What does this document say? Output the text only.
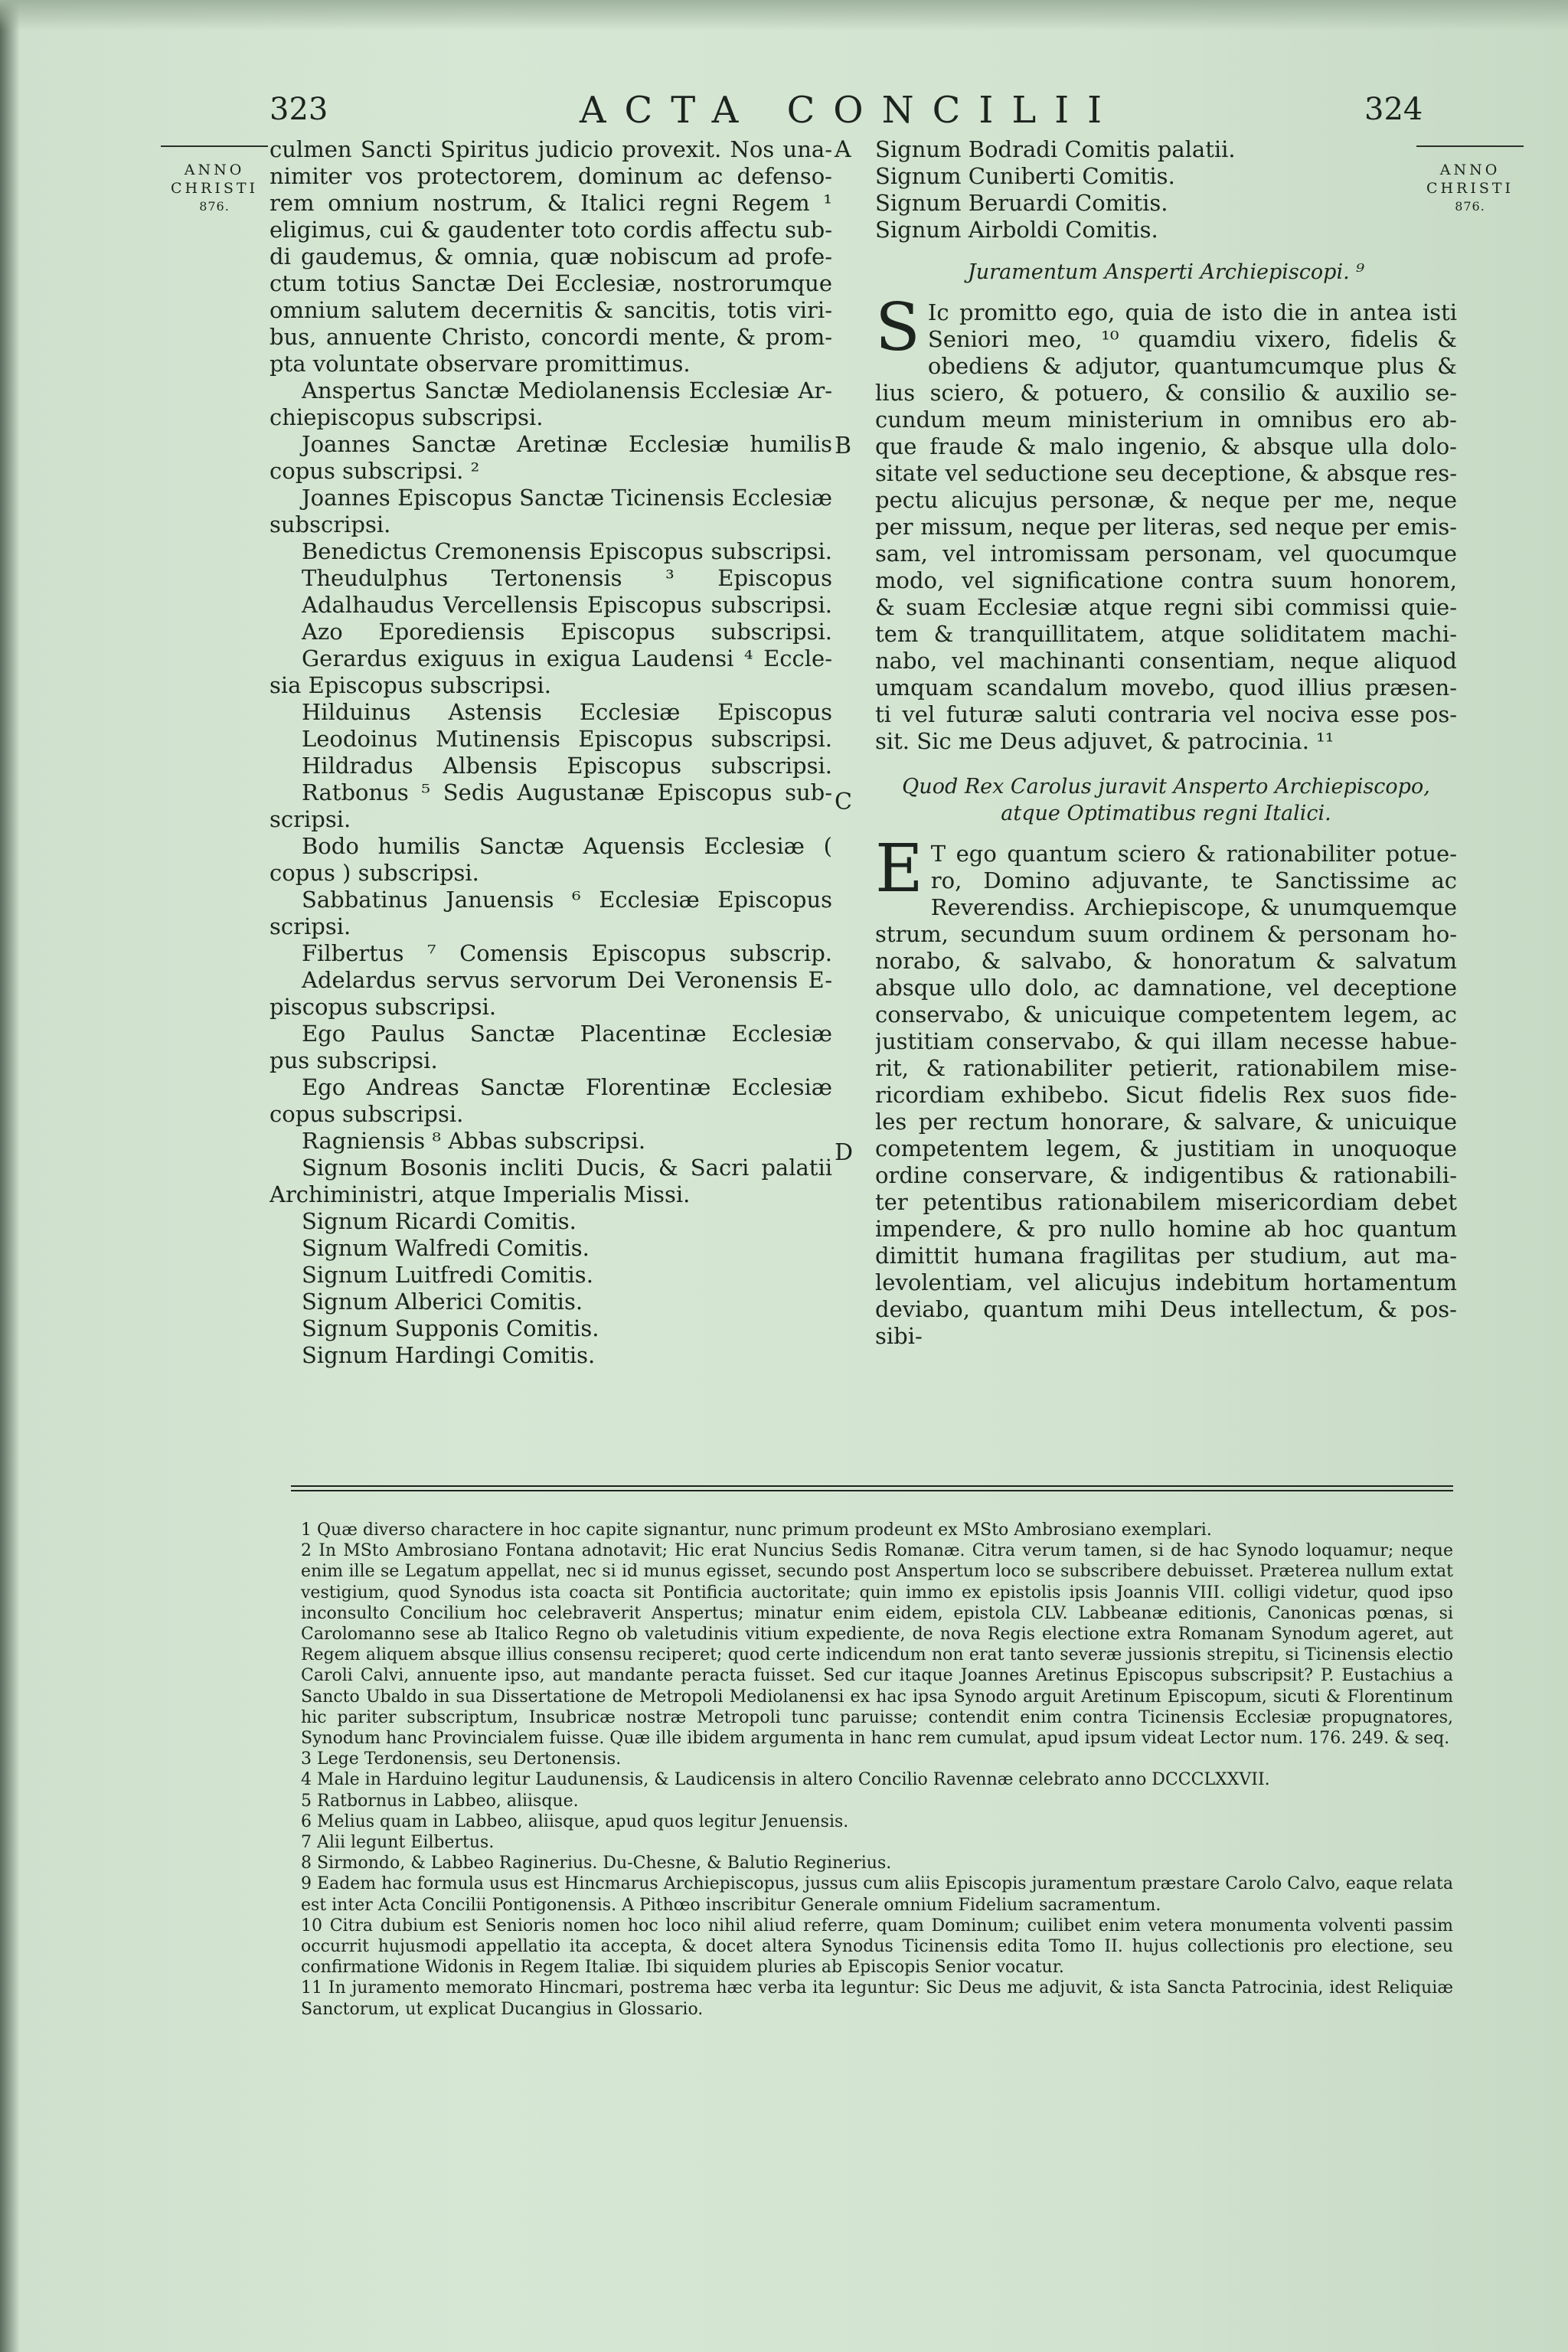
323	ACTA CONCILII	324
ANNO
CHRISTI
876.
ANNO
CHRISTI
876.
A
B
C
D
culmen Sancti Spiritus judicio provexit. Nos una-
nimiter vos protectorem, dominum ac defenso-
rem omnium nostrum, & Italici regni Regem ¹
eligimus, cui & gaudenter toto cordis affectu sub-
di gaudemus, & omnia, quæ nobiscum ad profe-
ctum totius Sanctæ Dei Ecclesiæ, nostrorumque
omnium salutem decernitis & sancitis, totis viri-
bus, annuente Christo, concordi mente, & prom-
pta voluntate observare promittimus.
Anspertus Sanctæ Mediolanensis Ecclesiæ Ar-
chiepiscopus subscripsi.
Joannes Sanctæ Aretinæ Ecclesiæ humilis
copus subscripsi. ²
Joannes Episcopus Sanctæ Ticinensis Ecclesiæ
subscripsi.
Benedictus Cremonensis Episcopus subscripsi.
Theudulphus Tertonensis ³ Episcopus
Adalhaudus Vercellensis Episcopus subscripsi.
Azo Eporediensis Episcopus subscripsi.
Gerardus exiguus in exigua Laudensi ⁴ Eccle-
sia Episcopus subscripsi.
Hilduinus Astensis Ecclesiæ Episcopus
Leodoinus Mutinensis Episcopus subscripsi.
Hildradus Albensis Episcopus subscripsi.
Ratbonus ⁵ Sedis Augustanæ Episcopus sub-
scripsi.
Bodo humilis Sanctæ Aquensis Ecclesiæ (
copus ) subscripsi.
Sabbatinus Januensis ⁶ Ecclesiæ Episcopus
scripsi.
Filbertus ⁷ Comensis Episcopus subscrip.
Adelardus servus servorum Dei Veronensis E-
piscopus subscripsi.
Ego Paulus Sanctæ Placentinæ Ecclesiæ
pus subscripsi.
Ego Andreas Sanctæ Florentinæ Ecclesiæ
copus subscripsi.
Ragniensis ⁸ Abbas subscripsi.
Signum Bosonis incliti Ducis, & Sacri palatii
Archiministri, atque Imperialis Missi.
Signum Ricardi Comitis.
Signum Walfredi Comitis.
Signum Luitfredi Comitis.
Signum Alberici Comitis.
Signum Supponis Comitis.
Signum Hardingi Comitis.
Signum Bodradi Comitis palatii.
Signum Cuniberti Comitis.
Signum Beruardi Comitis.
Signum Airboldi Comitis.
Juramentum Ansperti Archiepiscopi. ⁹
S Ic promitto ego, quia de isto die in antea isti
Seniori meo, ¹⁰ quamdiu vixero, fidelis &
obediens & adjutor, quantumcumque plus &
lius sciero, & potuero, & consilio & auxilio se-
cundum meum ministerium in omnibus ero ab-
que fraude & malo ingenio, & absque ulla dolo-
sitate vel seductione seu deceptione, & absque res-
pectu alicujus personæ, & neque per me, neque
per missum, neque per literas, sed neque per emis-
sam, vel intromissam personam, vel quocumque
modo, vel significatione contra suum honorem,
& suam Ecclesiæ atque regni sibi commissi quie-
tem & tranquillitatem, atque soliditatem machi-
nabo, vel machinanti consentiam, neque aliquod
umquam scandalum movebo, quod illius præsen-
ti vel futuræ saluti contraria vel nociva esse pos-
sit. Sic me Deus adjuvet, & patrocinia. ¹¹
Quod Rex Carolus juravit Ansperto Archiepiscopo,
atque Optimatibus regni Italici.
E T ego quantum sciero & rationabiliter potue-
ro, Domino adjuvante, te Sanctissime ac
Reverendiss. Archiepiscope, & unumquemque
strum, secundum suum ordinem & personam ho-
norabo, & salvabo, & honoratum & salvatum
absque ullo dolo, ac damnatione, vel deceptione
conservabo, & unicuique competentem legem, ac
justitiam conservabo, & qui illam necesse habue-
rit, & rationabiliter petierit, rationabilem mise-
ricordiam exhibebo. Sicut fidelis Rex suos fide-
les per rectum honorare, & salvare, & unicuique
competentem legem, & justitiam in unoquoque
ordine conservare, & indigentibus & rationabili-
ter petentibus rationabilem misericordiam debet
impendere, & pro nullo homine ab hoc quantum
dimittit humana fragilitas per studium, aut ma-
levolentiam, vel alicujus indebitum hortamentum
deviabo, quantum mihi Deus intellectum, & pos-
sibi-

1 Quæ diverso charactere in hoc capite signantur, nunc primum prodeunt ex MSto Ambrosiano exemplari.

2 In MSto Ambrosiano Fontana adnotavit; Hic erat Nuncius Sedis Romanæ. Citra verum tamen, si de hac Synodo loquamur; neque enim ille se Legatum appellat, nec si id munus egisset, secundo post Anspertum loco se subscribere debuisset. Præterea nullum extat vestigium, quod Synodus ista coacta sit Pontificia auctoritate; quin immo ex epistolis ipsis Joannis VIII. colligi videtur, quod ipso inconsulto Concilium hoc celebraverit Anspertus; minatur enim eidem, epistola CLV. Labbeanæ editionis, Canonicas pœnas, si Carolomanno sese ab Italico Regno ob valetudinis vitium expediente, de nova Regis electione extra Romanam Synodum ageret, aut Regem aliquem absque illius consensu reciperet; quod certe indicendum non erat tanto severæ jussionis strepitu, si Ticinensis electio Caroli Calvi, annuente ipso, aut mandante peracta fuisset. Sed cur itaque Joannes Aretinus Episcopus subscripsit? P. Eustachius a Sancto Ubaldo in sua Dissertatione de Metropoli Mediolanensi ex hac ipsa Synodo arguit Aretinum Episcopum, sicuti & Florentinum hic pariter subscriptum, Insubricæ nostræ Metropoli tunc paruisse; contendit enim contra Ticinensis Ecclesiæ propugnatores, Synodum hanc Provincialem fuisse. Quæ ille ibidem argumenta in hanc rem cumulat, apud ipsum videat Lector num. 176. 249. & seq.

3 Lege Terdonensis, seu Dertonensis.

4 Male in Harduino legitur Laudunensis, & Laudicensis in altero Concilio Ravennæ celebrato anno DCCCLXXVII.

5 Ratbornus in Labbeo, aliisque.

6 Melius quam in Labbeo, aliisque, apud quos legitur Jenuensis.

7 Alii legunt Eilbertus.

8 Sirmondo, & Labbeo Raginerius. Du-Chesne, & Balutio Reginerius.

9 Eadem hac formula usus est Hincmarus Archiepiscopus, jussus cum aliis Episcopis juramentum præstare Carolo Calvo, eaque relata est inter Acta Concilii Pontigonensis. A Pithœo inscribitur Generale omnium Fidelium sacramentum.

10 Citra dubium est Senioris nomen hoc loco nihil aliud referre, quam Dominum; cuilibet enim vetera monumenta volventi passim occurrit hujusmodi appellatio ita accepta, & docet altera Synodus Ticinensis edita Tomo II. hujus collectionis pro electione, seu confirmatione Widonis in Regem Italiæ. Ibi siquidem pluries ab Episcopis Senior vocatur.

11 In juramento memorato Hincmari, postrema hæc verba ita leguntur: Sic Deus me adjuvit, & ista Sancta Patrocinia, idest Reliquiæ Sanctorum, ut explicat Ducangius in Glossario.
